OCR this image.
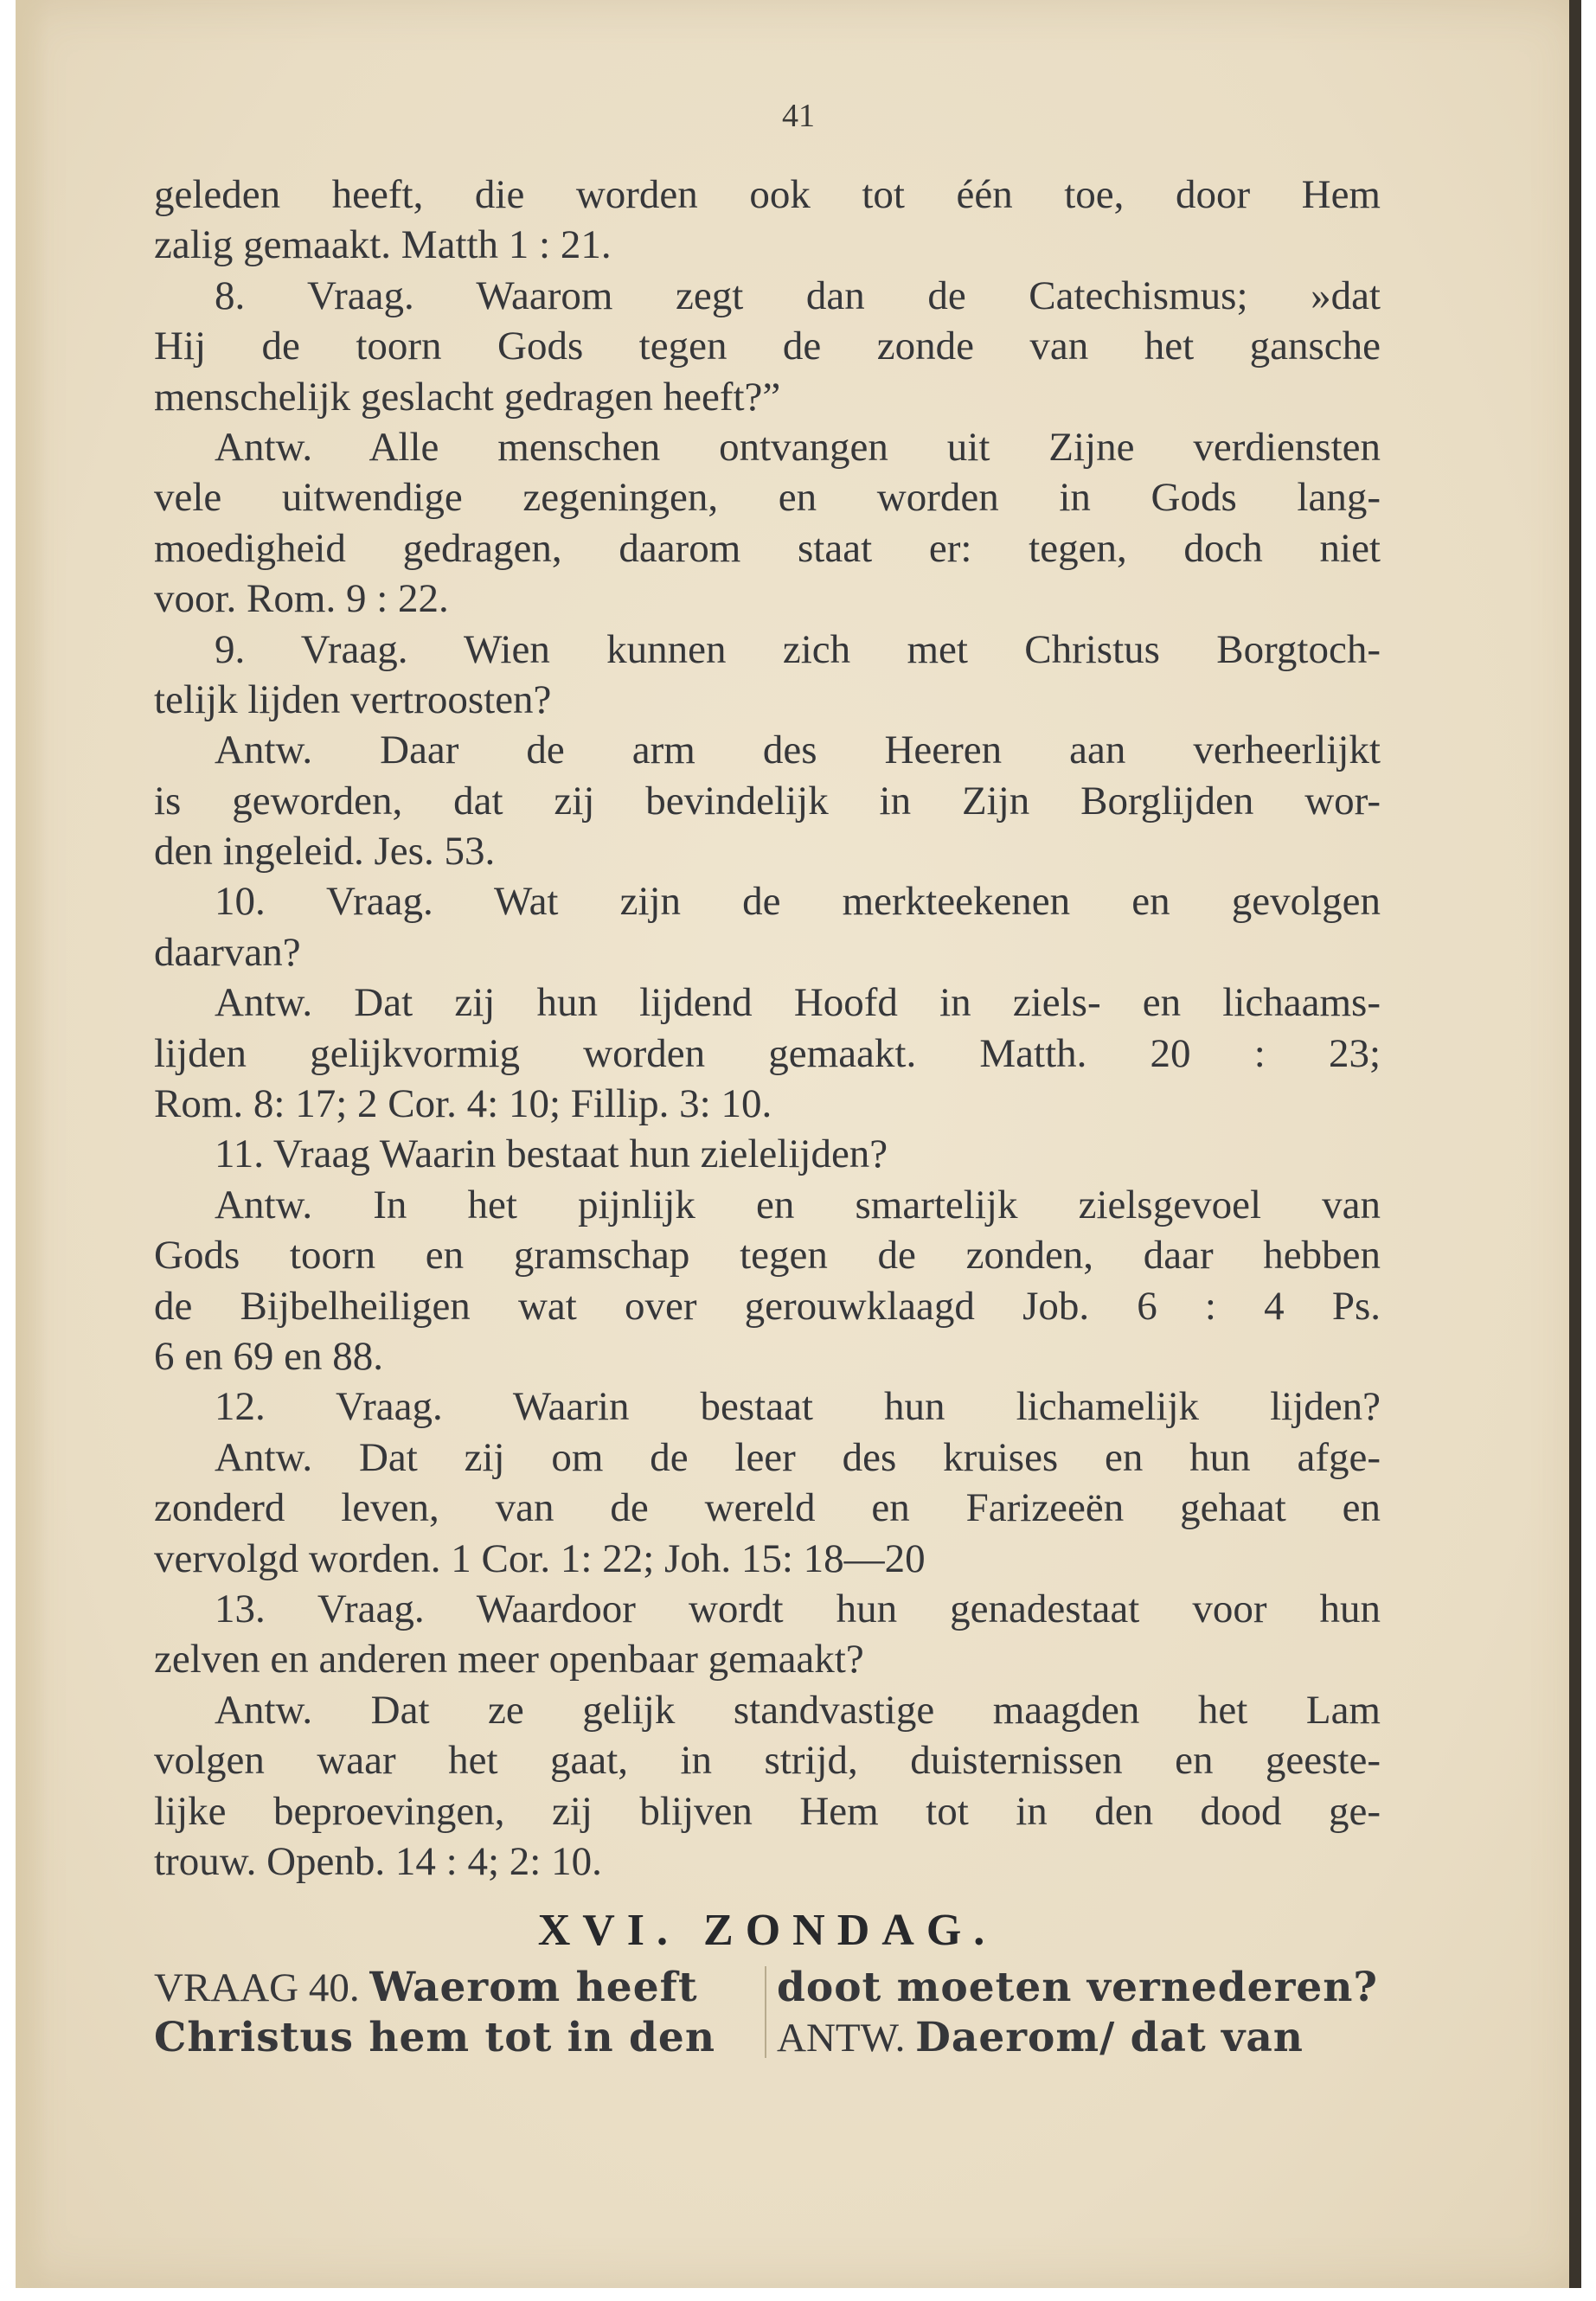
41
geleden heeft, die worden ook tot één toe, door Hem
zalig gemaakt. Matth 1 : 21.
8. Vraag. Waarom zegt dan de Catechismus; »dat
Hij de toorn Gods tegen de zonde van het gansche
menschelijk geslacht gedragen heeft?”
Antw. Alle menschen ontvangen uit Zijne verdiensten
vele uitwendige zegeningen, en worden in Gods lang-
moedigheid gedragen, daarom staat er: tegen, doch niet
voor. Rom. 9 : 22.
9. Vraag. Wien kunnen zich met Christus Borgtoch-
telijk lijden vertroosten?
Antw. Daar de arm des Heeren aan verheerlijkt
is geworden, dat zij bevindelijk in Zijn Borglijden wor-
den ingeleid. Jes. 53.
10. Vraag. Wat zijn de merkteekenen en gevolgen
daarvan?
Antw. Dat zij hun lijdend Hoofd in ziels- en lichaams-
lijden gelijkvormig worden gemaakt. Matth. 20 : 23;
Rom. 8: 17; 2 Cor. 4: 10; Fillip. 3: 10.
11. Vraag Waarin bestaat hun zielelijden?
Antw. In het pijnlijk en smartelijk zielsgevoel van
Gods toorn en gramschap tegen de zonden, daar hebben
de Bijbelheiligen wat over gerouwklaagd Job. 6 : 4 Ps.
6 en 69 en 88.
12. Vraag. Waarin bestaat hun lichamelijk lijden?
Antw. Dat zij om de leer des kruises en hun afge-
zonderd leven, van de wereld en Farizeeën gehaat en
vervolgd worden. 1 Cor. 1: 22; Joh. 15: 18—20
13. Vraag. Waardoor wordt hun genadestaat voor hun
zelven en anderen meer openbaar gemaakt?
Antw. Dat ze gelijk standvastige maagden het Lam
volgen waar het gaat, in strijd, duisternissen en geeste-
lijke beproevingen, zij blijven Hem tot in den dood ge-
trouw. Openb. 14 : 4; 2: 10.
XVI. ZONDAG.
VRAAG 40. Waerom heeft
Christus hem tot in den
doot moeten vernederen?
ANTW. Daerom/ dat van
